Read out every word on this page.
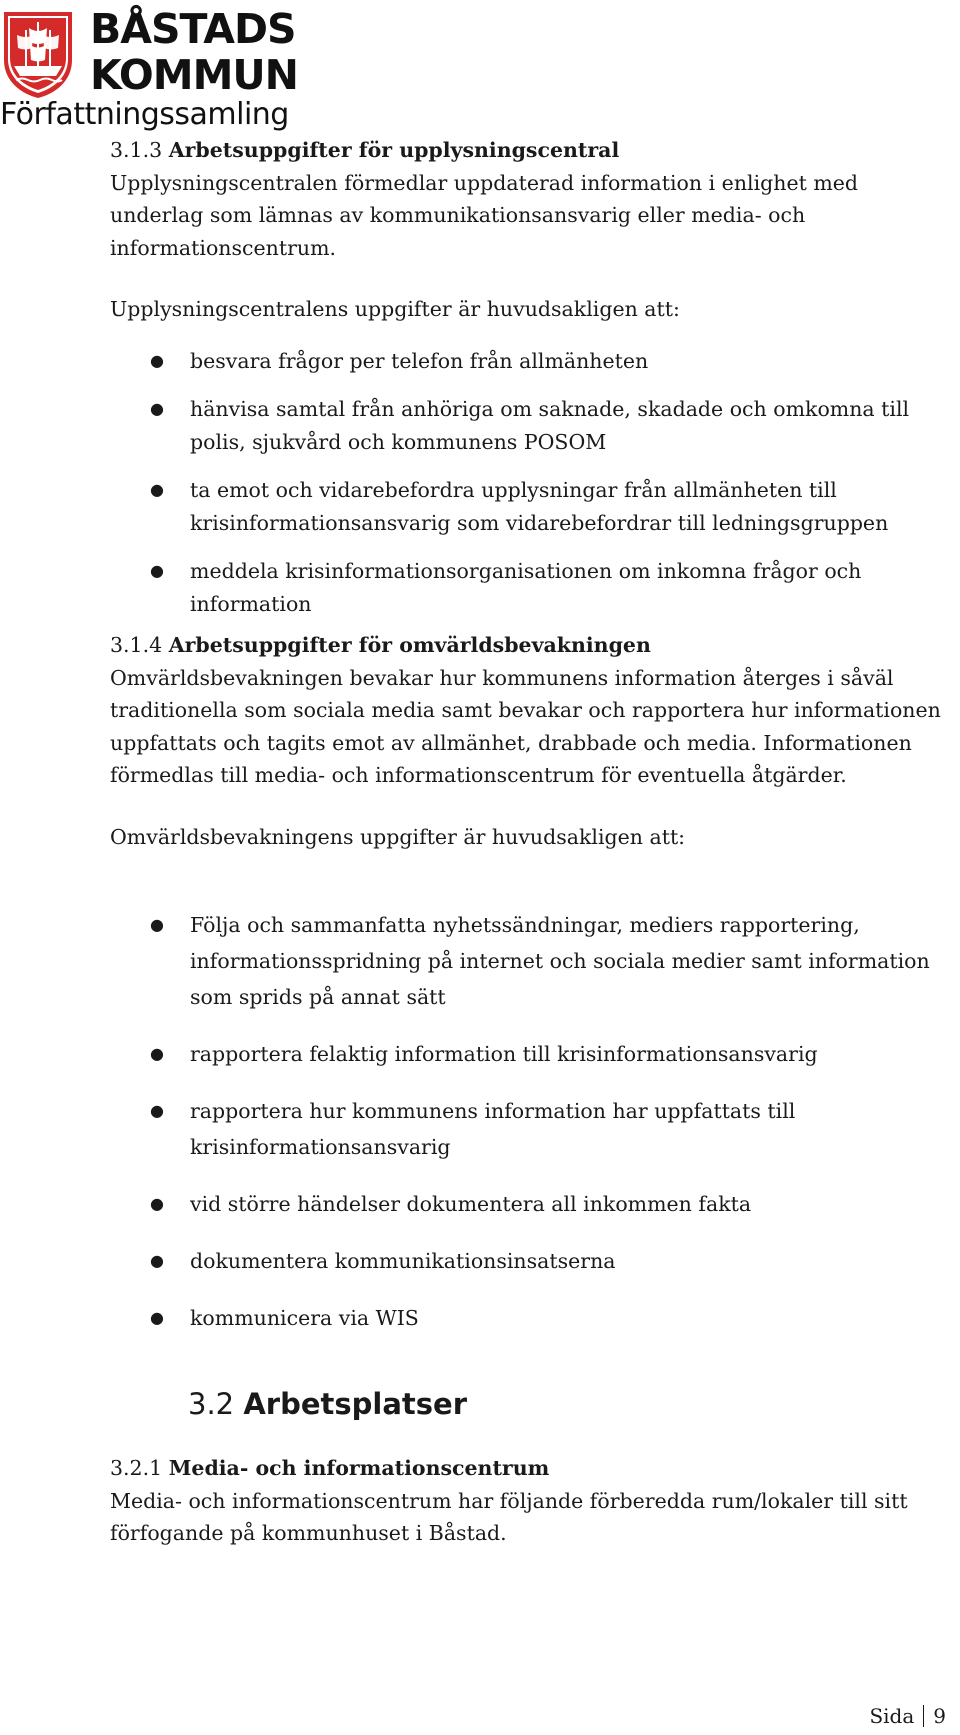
BÅSTADS
KOMMUN
Författningssamling
3.1.3 Arbetsuppgifter för upplysningscentral

Upplysningscentralen förmedlar uppdaterad information i enlighet med underlag som lämnas av kommunikationsansvarig eller media- och informationscentrum.

Upplysningscentralens uppgifter är huvudsakligen att:

● besvara frågor per telefon från allmänheten
● hänvisa samtal från anhöriga om saknade, skadade och omkomna till polis, sjukvård och kommunens POSOM
● ta emot och vidarebefordra upplysningar från allmänheten till krisinformationsansvarig som vidarebefordrar till ledningsgruppen
● meddela krisinformationsorganisationen om inkomna frågor och information
3.1.4 Arbetsuppgifter för omvärldsbevakningen

Omvärldsbevakningen bevakar hur kommunens information återges i såväl traditionella som sociala media samt bevakar och rapportera hur informationen uppfattats och tagits emot av allmänhet, drabbade och media. Informationen förmedlas till media- och informationscentrum för eventuella åtgärder.

Omvärldsbevakningens uppgifter är huvudsakligen att:

● Följa och sammanfatta nyhetssändningar, mediers rapportering, informationsspridning på internet och sociala medier samt information som sprids på annat sätt
● rapportera felaktig information till krisinformationsansvarig
● rapportera hur kommunens information har uppfattats till krisinformationsansvarig
● vid större händelser dokumentera all inkommen fakta
● dokumentera kommunikationsinsatserna
● kommunicera via WIS
3.2 Arbetsplatser
3.2.1 Media- och informationscentrum

Media- och informationscentrum har följande förberedda rum/lokaler till sitt förfogande på kommunhuset i Båstad.

Sida 9
